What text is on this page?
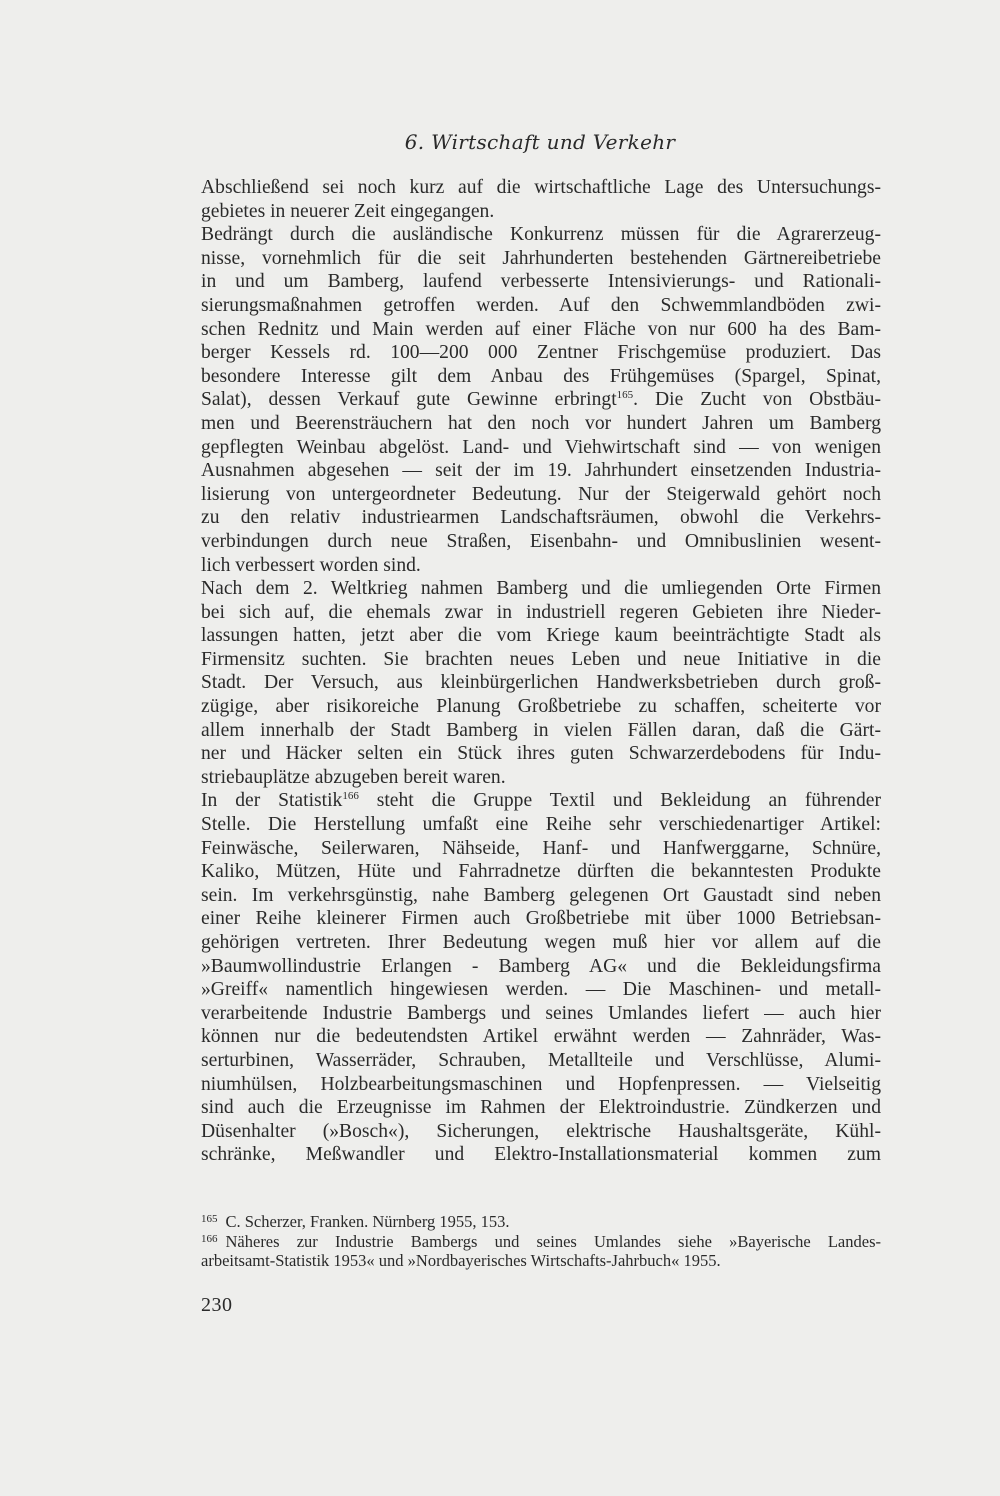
6. Wirtschaft und Verkehr
Abschließend sei noch kurz auf die wirtschaftliche Lage des Untersuchungs-
gebietes in neuerer Zeit eingegangen.
Bedrängt durch die ausländische Konkurrenz müssen für die Agrarerzeug-
nisse, vornehmlich für die seit Jahrhunderten bestehenden Gärtnereibetriebe
in und um Bamberg, laufend verbesserte Intensivierungs- und Rationali-
sierungsmaßnahmen getroffen werden. Auf den Schwemmlandböden zwi-
schen Rednitz und Main werden auf einer Fläche von nur 600 ha des Bam-
berger Kessels rd. 100—200 000 Zentner Frischgemüse produziert. Das
besondere Interesse gilt dem Anbau des Frühgemüses (Spargel, Spinat,
Salat), dessen Verkauf gute Gewinne erbringt$^{165}$. Die Zucht von Obstbäu-
men und Beerensträuchern hat den noch vor hundert Jahren um Bamberg
gepflegten Weinbau abgelöst. Land- und Viehwirtschaft sind — von wenigen
Ausnahmen abgesehen — seit der im 19. Jahrhundert einsetzenden Industria-
lisierung von untergeordneter Bedeutung. Nur der Steigerwald gehört noch
zu den relativ industriearmen Landschaftsräumen, obwohl die Verkehrs-
verbindungen durch neue Straßen, Eisenbahn- und Omnibuslinien wesent-
lich verbessert worden sind.
Nach dem 2. Weltkrieg nahmen Bamberg und die umliegenden Orte Firmen
bei sich auf, die ehemals zwar in industriell regeren Gebieten ihre Nieder-
lassungen hatten, jetzt aber die vom Kriege kaum beeinträchtigte Stadt als
Firmensitz suchten. Sie brachten neues Leben und neue Initiative in die
Stadt. Der Versuch, aus kleinbürgerlichen Handwerksbetrieben durch groß-
zügige, aber risikoreiche Planung Großbetriebe zu schaffen, scheiterte vor
allem innerhalb der Stadt Bamberg in vielen Fällen daran, daß die Gärt-
ner und Häcker selten ein Stück ihres guten Schwarzerdebodens für Indu-
striebauplätze abzugeben bereit waren.
In der Statistik$^{166}$ steht die Gruppe Textil und Bekleidung an führender
Stelle. Die Herstellung umfaßt eine Reihe sehr verschiedenartiger Artikel:
Feinwäsche, Seilerwaren, Nähseide, Hanf- und Hanfwerggarne, Schnüre,
Kaliko, Mützen, Hüte und Fahrradnetze dürften die bekanntesten Produkte
sein. Im verkehrsgünstig, nahe Bamberg gelegenen Ort Gaustadt sind neben
einer Reihe kleinerer Firmen auch Großbetriebe mit über 1000 Betriebsan-
gehörigen vertreten. Ihrer Bedeutung wegen muß hier vor allem auf die
»Baumwollindustrie Erlangen - Bamberg AG« und die Bekleidungsfirma
»Greiff« namentlich hingewiesen werden. — Die Maschinen- und metall-
verarbeitende Industrie Bambergs und seines Umlandes liefert — auch hier
können nur die bedeutendsten Artikel erwähnt werden — Zahnräder, Was-
serturbinen, Wasserräder, Schrauben, Metallteile und Verschlüsse, Alumi-
niumhülsen, Holzbearbeitungsmaschinen und Hopfenpressen. — Vielseitig
sind auch die Erzeugnisse im Rahmen der Elektroindustrie. Zündkerzen und
Düsenhalter (»Bosch«), Sicherungen, elektrische Haushaltsgeräte, Kühl-
schränke, Meßwandler und Elektro-Installationsmaterial kommen zum
$^{165}$ C. Scherzer, Franken. Nürnberg 1955, 153.
$^{166}$ Näheres zur Industrie Bambergs und seines Umlandes siehe »Bayerische Landes-
arbeitsamt-Statistik 1953« und »Nordbayerisches Wirtschafts-Jahrbuch« 1955.
230
